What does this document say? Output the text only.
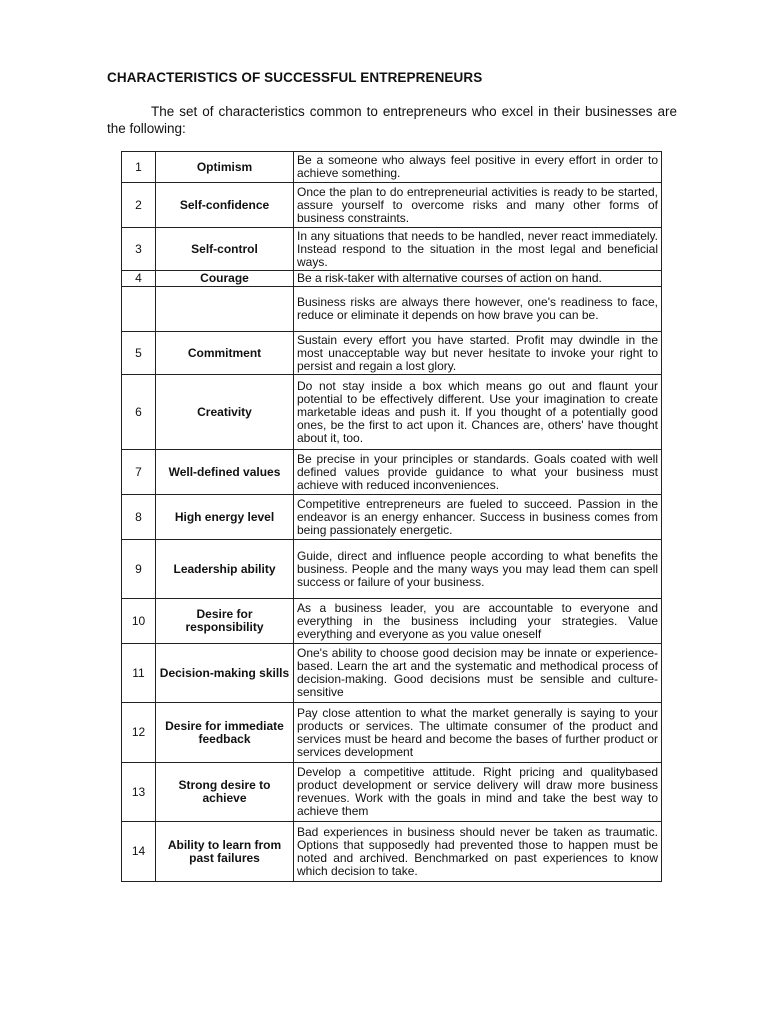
CHARACTERISTICS OF SUCCESSFUL ENTREPRENEURS
The set of characteristics common to entrepreneurs who excel in their businesses are the following:
1	Optimism	Be a someone who always feel positive in every effort in order to achieve something.
2	Self-confidence	Once the plan to do entrepreneurial activities is ready to be started, assure yourself to overcome risks and many other forms of business constraints.
3	Self-control	In any situations that needs to be handled, never react immediately. Instead respond to the situation in the most legal and beneficial ways.
4	Courage	Be a risk-taker with alternative courses of action on hand.
		Business risks are always there however, one's readiness to face, reduce or eliminate it depends on how brave you can be.
5	Commitment	Sustain every effort you have started. Profit may dwindle in the most unacceptable way but never hesitate to invoke your right to persist and regain a lost glory.
6	Creativity	Do not stay inside a box which means go out and flaunt your potential to be effectively different. Use your imagination to create marketable ideas and push it. If you thought of a potentially good ones, be the first to act upon it. Chances are, others' have thought about it, too.
7	Well-defined values	Be precise in your principles or standards. Goals coated with well defined values provide guidance to what your business must achieve with reduced inconveniences.
8	High energy level	Competitive entrepreneurs are fueled to succeed. Passion in the endeavor is an energy enhancer. Success in business comes from being passionately energetic.
9	Leadership ability	Guide, direct and influence people according to what benefits the business. People and the many ways you may lead them can spell success or failure of your business.
10	Desire for responsibility	As a business leader, you are accountable to everyone and everything in the business including your strategies. Value everything and everyone as you value oneself
11	Decision-making skills	One's ability to choose good decision may be innate or experience-based. Learn the art and the systematic and methodical process of decision-making. Good decisions must be sensible and culture-sensitive
12	Desire for immediate feedback	Pay close attention to what the market generally is saying to your products or services. The ultimate consumer of the product and services must be heard and become the bases of further product or services development
13	Strong desire to achieve	Develop a competitive attitude. Right pricing and qualitybased product development or service delivery will draw more business revenues. Work with the goals in mind and take the best way to achieve them
14	Ability to learn from past failures	Bad experiences in business should never be taken as traumatic. Options that supposedly had prevented those to happen must be noted and archived. Benchmarked on past experiences to know which decision to take.
